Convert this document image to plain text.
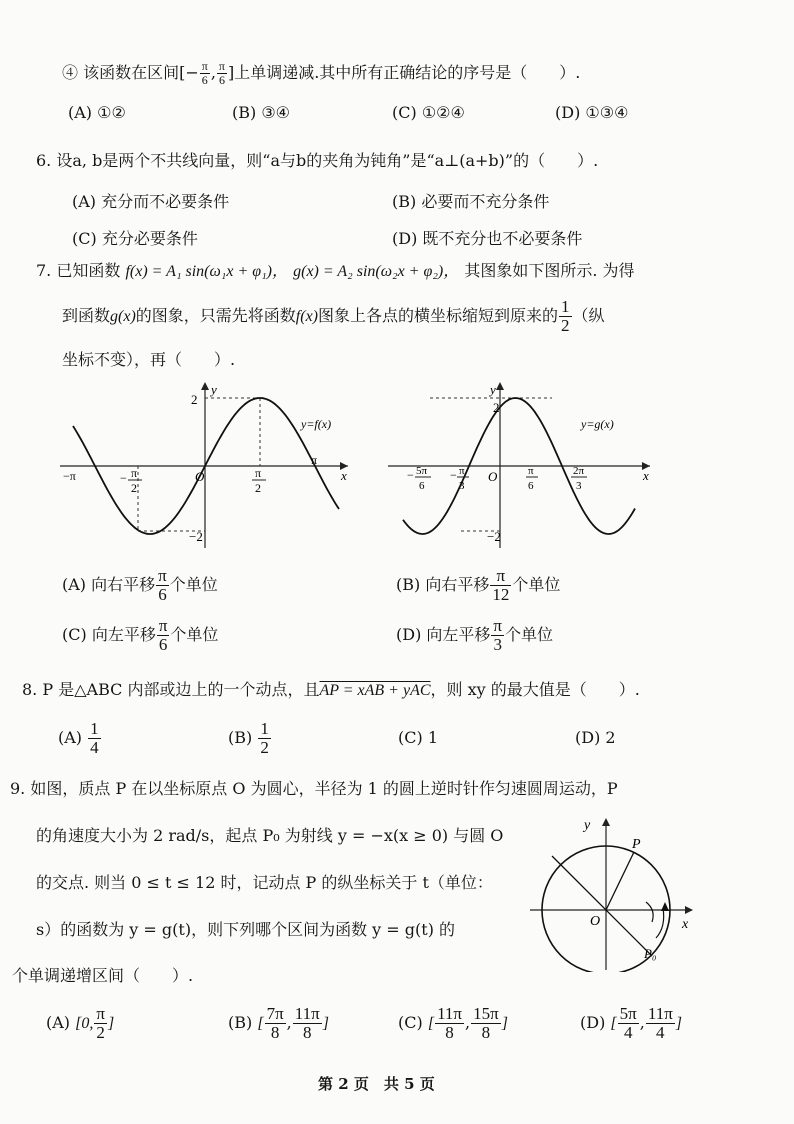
④ 该函数在区间[− $\frac{\pi}{6}$ , $\frac{\pi}{6}$ ]上单调递减.其中所有正确结论的序号是（　　）.
(A) ①②	(B) ③④	(C) ①②④	(D) ①③④
6. 设a, b是两个不共线向量，则“a与b的夹角为钝角”是“a⊥(a+b)”的（　　）.
(A) 充分而不必要条件	(B) 必要而不充分条件
(C) 充分必要条件	(D) 既不充分也不必要条件
7. 已知函数 f(x) = A₁ sin(ω₁x + φ₁)， g(x) = A₂ sin(ω₂x + φ₂)， 其图象如下图所示. 为得
到函数g(x)的图象，只需先将函数f(x)图象上各点的横坐标缩短到原来的 $\frac{1}{2}$ （纵
坐标不变），再（　　）.
y
x
O
2
−2
−π	− π
2
π
2
π
y=f(x)
y
x
O
2
−2
− 5π
6
− π
3
π
6
2π
3
y=g(x)
(A) 向右平移 $\frac{\pi}{6}$ 个单位	(B) 向右平移 $\frac{\pi}{12}$ 个单位
(C) 向左平移 $\frac{\pi}{6}$ 个单位	(D) 向左平移 $\frac{\pi}{3}$ 个单位
8. P 是△ABC 内部或边上的一个动点，且AP = xAB + yAC，则 xy 的最大值是（　　）.
$(A) \frac{1}{4}$	$(B) \frac{1}{2}$	(C) 1	(D) 2
9. 如图，质点 P 在以坐标原点 O 为圆心，半径为 1 的圆上逆时针作匀速圆周运动，P
的角速度大小为 2 rad/s，起点 P₀ 为射线 y = −x(x ≥ 0) 与圆 O
的交点. 则当 0 ≤ t ≤ 12 时，记动点 P 的纵坐标关于 t（单位：
s）的函数为 y = g(t)，则下列哪个区间为函数 y = g(t) 的
个单调递增区间（　　）.
y
x
O
P
P₀
(A) [0, $\frac{\pi}{2}$ ]	(B) [ $\frac{7\pi}{8}$ , $\frac{11\pi}{8}$ ]	(C) [ $\frac{11\pi}{8}$ , $\frac{15\pi}{8}$ ]	(D) [ $\frac{5\pi}{4}$ , $\frac{11\pi}{4}$ ]
第 2 页　共 5 页
